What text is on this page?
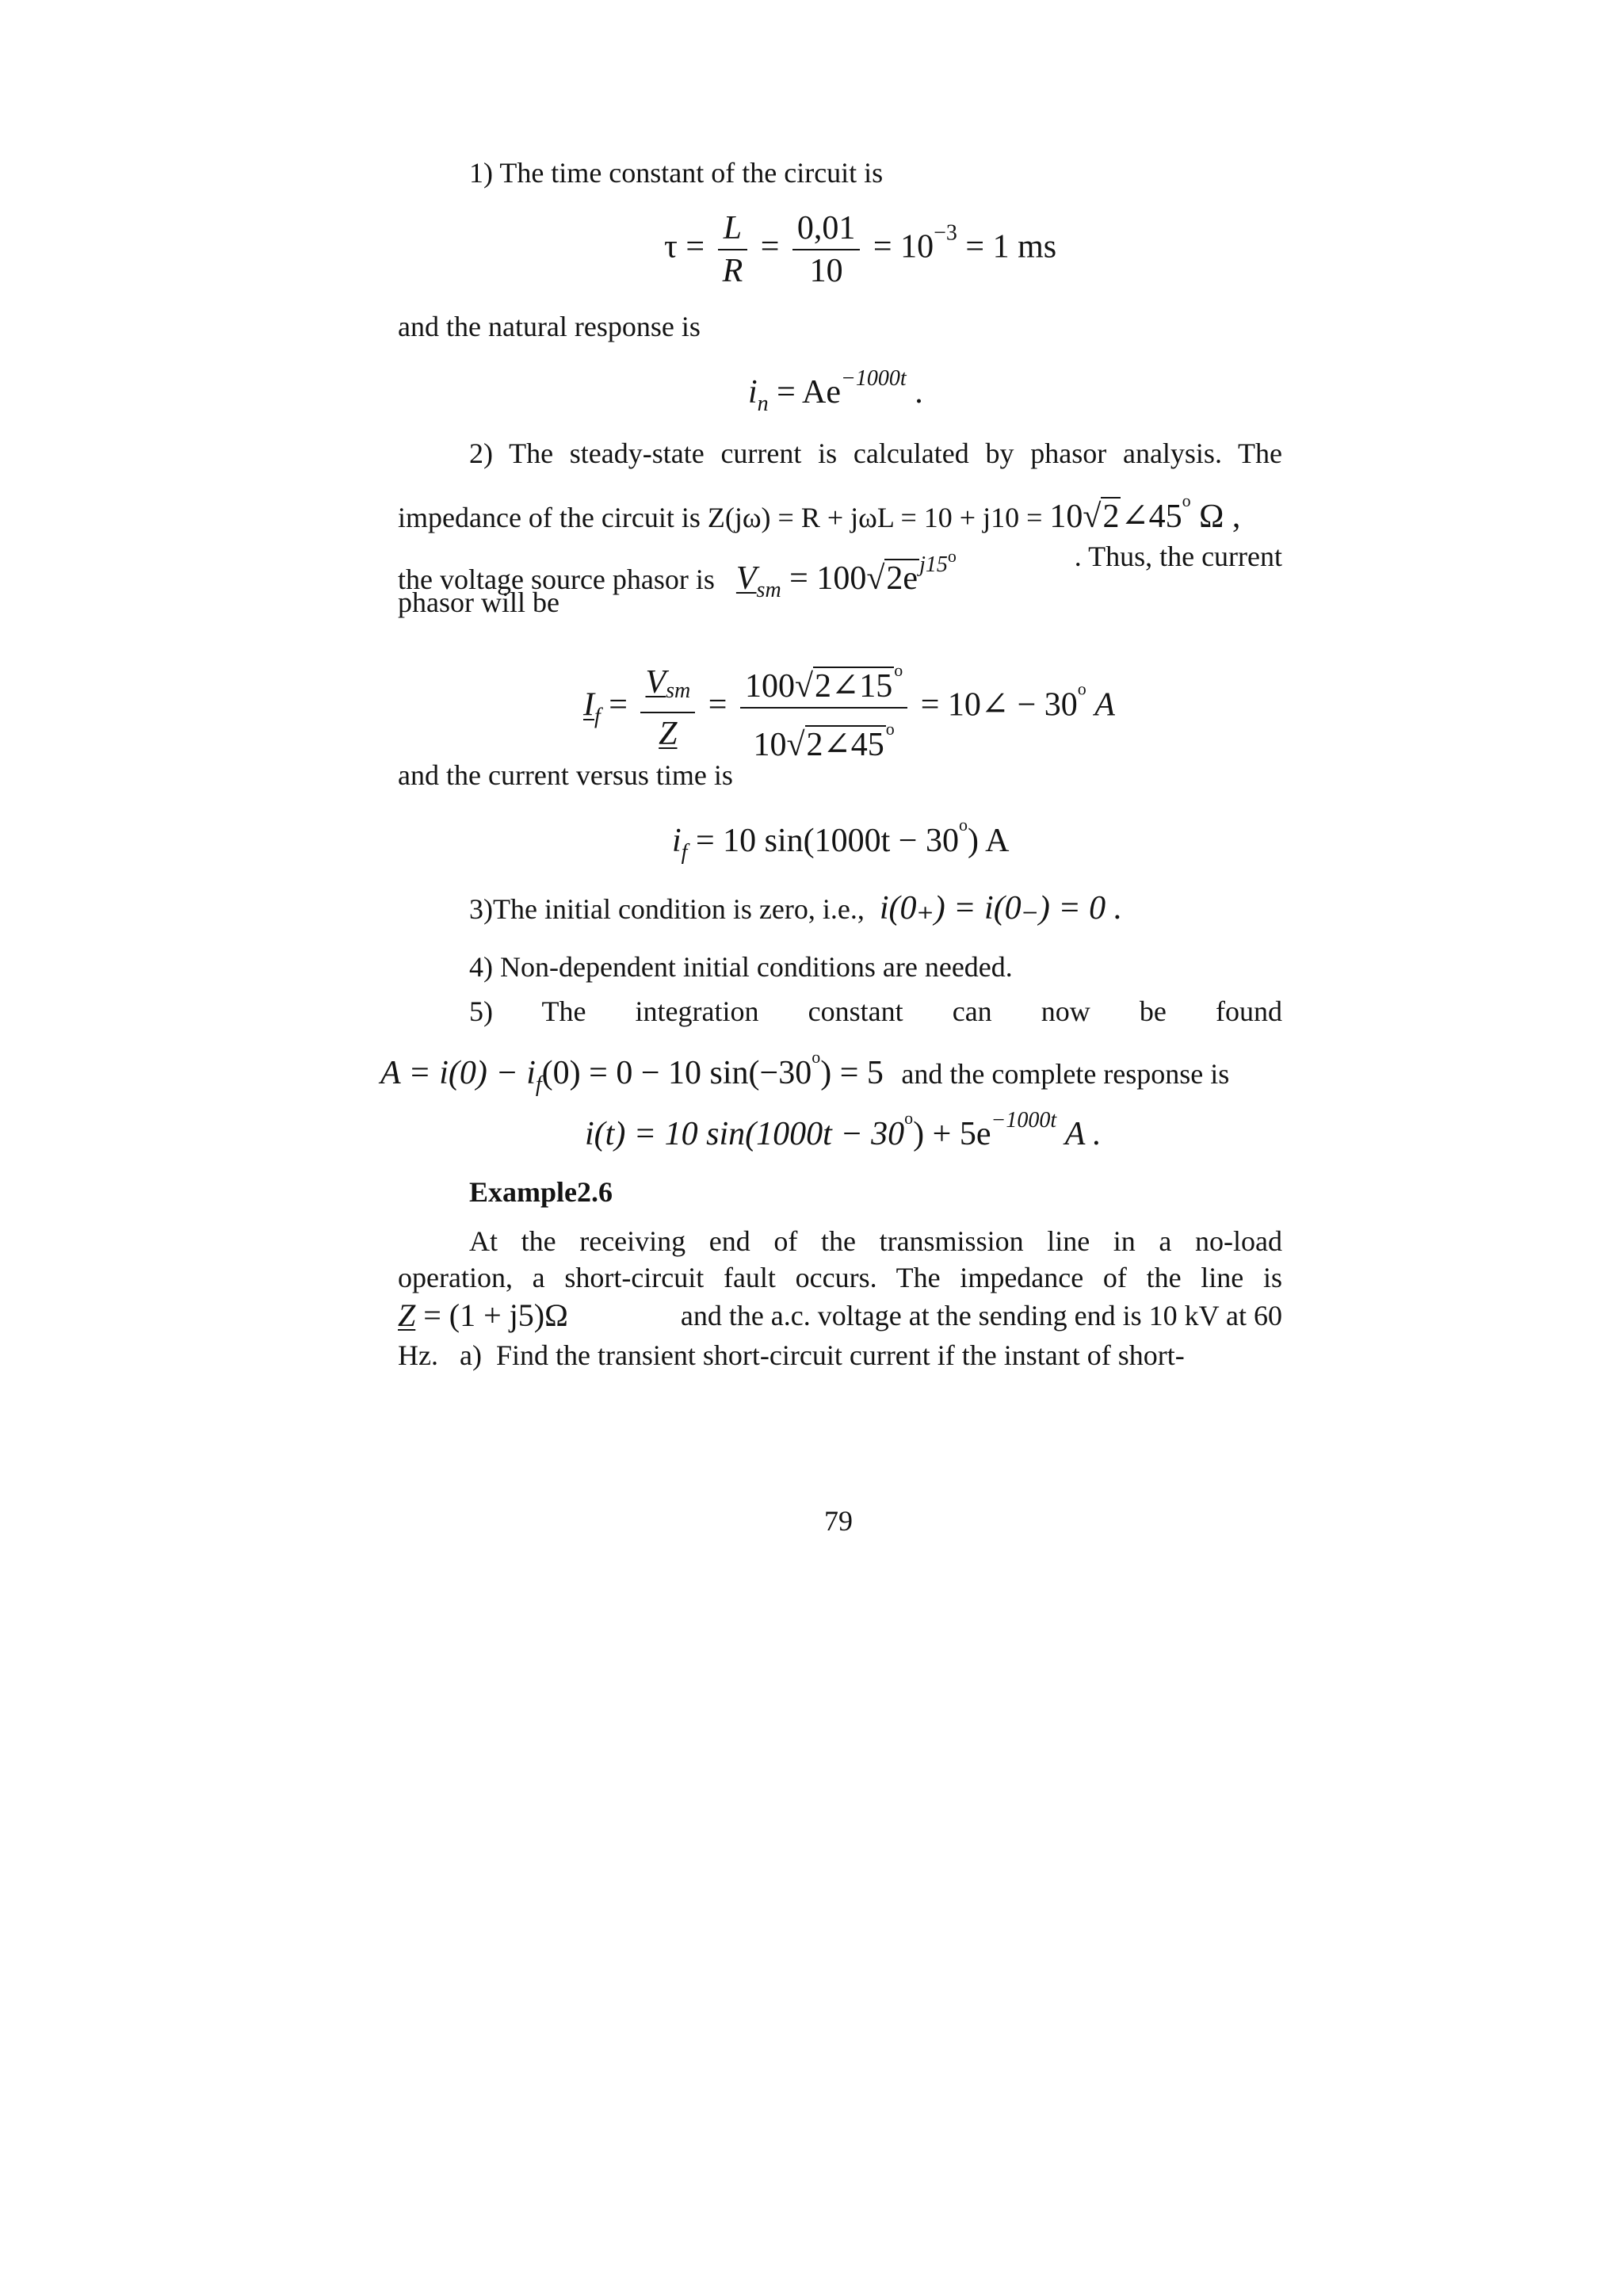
1) The time constant of the circuit is
$\tau = \frac{L}{R} = \frac{0,01}{10} = 10^{-3} = 1$ ms
and the natural response is
$i_n = Ae^{-1000t}$ .
2) The steady-state current is calculated by phasor analysis. The
impedance of the circuit is $Z(j\omega) = R + j\omega L = 10 + j10 = 10√2\angle 45^o$ Ω ,
the voltage source phasor is $V_{sm} = 100√2e^{j15o}$	. Thus, the current
phasor will be
$I_f = \frac{V_{sm}}{Z} = \frac{100√2\angle 15^o}{10√2\angle 45^o}$ = 10∠ − $30^o$ A
and the current versus time is
$i_f = 10$ $\sin(1000t - 30^o)$ A
3)The initial condition is zero, i.e., i(0₊) = i(0₋) = 0 .
4) Non-dependent initial conditions are needed.
5) The integration constant can now be found
$A = i(0) - i_f(0) = 0 - 10$ $\sin(-30^o) = 5$ and the complete response is
i(t) = 10 $\sin(1000t - 30^o) + 5e^{-1000t}$ A .
Example2.6
At the receiving end of the transmission line in a no-load
operation, a short-circuit fault occurs. The impedance of the line is
Z = (1 + j5)Ω	and the a.c. voltage at the sending end is 10 kV at 60
Hz.   a)  Find the transient short-circuit current if the instant of short-
79
